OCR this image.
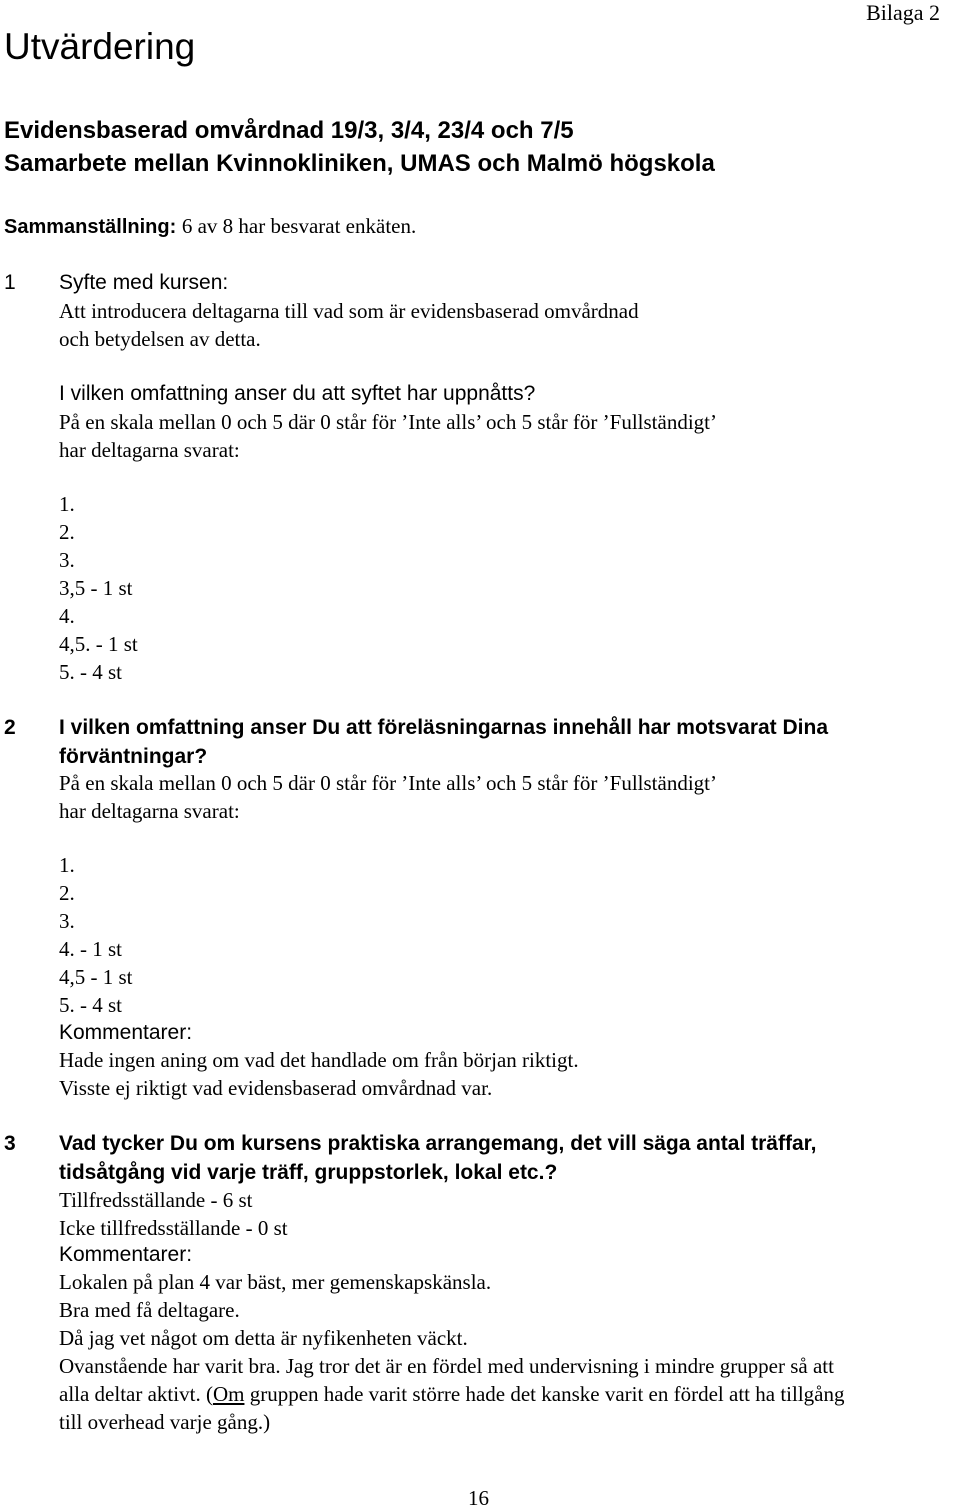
Bilaga 2
Utvärdering
Evidensbaserad omvårdnad 19/3, 3/4, 23/4 och 7/5
Samarbete mellan Kvinnokliniken, UMAS och Malmö högskola
Sammanställning: 6 av 8 har besvarat enkäten.
1 Syfte med kursen:
Att introducera deltagarna till vad som är evidensbaserad omvårdnad
och betydelsen av detta.
I vilken omfattning anser du att syftet har uppnåtts?
På en skala mellan 0 och 5 där 0 står för ’Inte alls’ och 5 står för ’Fullständigt’
har deltagarna svarat:
1.
2.
3.
3,5 - 1 st
4.
4,5. - 1 st
5. - 4 st
2 I vilken omfattning anser Du att föreläsningarnas innehåll har motsvarat Dina
förväntningar?
På en skala mellan 0 och 5 där 0 står för ’Inte alls’ och 5 står för ’Fullständigt’
har deltagarna svarat:
1.
2.
3.
4. - 1 st
4,5 - 1 st
5. - 4 st
Kommentarer:
Hade ingen aning om vad det handlade om från början riktigt.
Visste ej riktigt vad evidensbaserad omvårdnad var.
3 Vad tycker Du om kursens praktiska arrangemang, det vill säga antal träffar,
tidsåtgång vid varje träff, gruppstorlek, lokal etc.?
Tillfredsställande - 6 st
Icke tillfredsställande - 0 st
Kommentarer:
Lokalen på plan 4 var bäst, mer gemenskapskänsla.
Bra med få deltagare.
Då jag vet något om detta är nyfikenheten väckt.
Ovanstående har varit bra. Jag tror det är en fördel med undervisning i mindre grupper så att
alla deltar aktivt. (Om gruppen hade varit större hade det kanske varit en fördel att ha tillgång
till overhead varje gång.)
16
